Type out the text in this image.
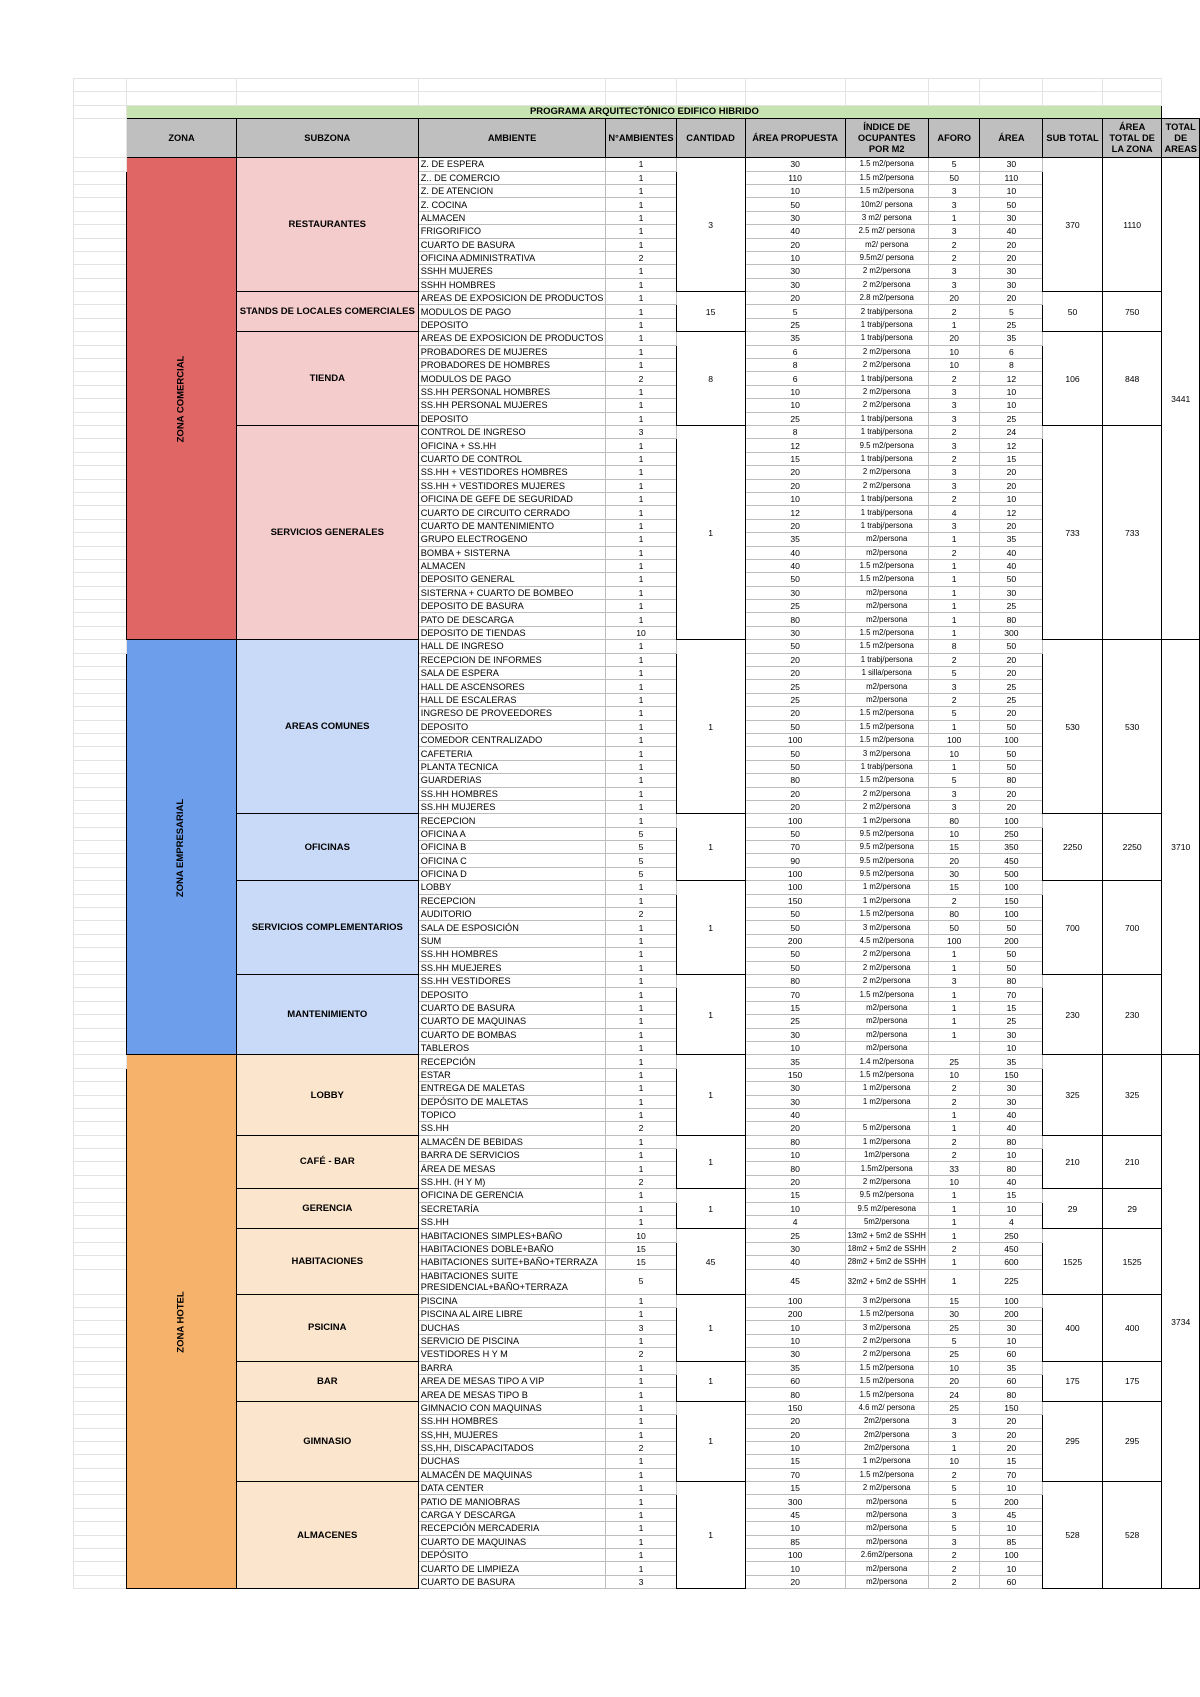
	PROGRAMA ARQUITECTÓNICO EDIFICO HIBRIDO											
	ZONA	SUBZONA	AMBIENTE	N°AMBIENTES	CANTIDAD	ÁREA PROPUESTA	ÍNDICE DE OCUPANTES POR M2	AFORO	ÁREA	SUB TOTAL	ÁREA TOTAL DE LA ZONA	TOTAL DE AREAS
	ZONA COMERCIAL	RESTAURANTES	Z. DE ESPERA	1	3	30	1.5 m2/persona	5	30	370	1110	3441
			Z.. DE COMERCIO	1		110	1.5 m2/persona	50	110			
			Z. DE ATENCION	1		10	1.5 m2/persona	3	10			
			Z. COCINA	1		50	10m2/ persona	3	50			
			ALMACEN	1		30	3 m2/ persona	1	30			
			FRIGORIFICO	1		40	2.5 m2/ persona	3	40			
			CUARTO DE BASURA	1		20	m2/ persona	2	20			
			OFICINA ADMINISTRATIVA	2		10	9.5m2/ persona	2	20			
			SSHH MUJERES	1		30	2 m2/persona	3	30			
			SSHH HOMBRES	1		30	2 m2/persona	3	30			
		STANDS DE LOCALES COMERCIALES	AREAS DE EXPOSICION DE PRODUCTOS	1	15	20	2.8 m2/persona	20	20	50	750	
			MODULOS DE PAGO	1		5	2 trabj/persona	2	5			
			DEPOSITO	1		25	1 trabj/persona	1	25			
		TIENDA	AREAS DE EXPOSICION DE PRODUCTOS	1	8	35	1 trabj/persona	20	35	106	848	
			PROBADORES DE MUJERES	1		6	2 m2/persona	10	6			
			PROBADORES DE HOMBRES	1		8	2 m2/persona	10	8			
			MODULOS DE PAGO	2		6	1 trabj/persona	2	12			
			SS.HH PERSONAL HOMBRES	1		10	2 m2/persona	3	10			
			SS.HH PERSONAL MUJERES	1		10	2 m2/persona	3	10			
			DEPOSITO	1		25	1 trabj/persona	3	25			
		SERVICIOS GENERALES	CONTROL DE INGRESO	3	1	8	1 trabj/persona	2	24	733	733	
			OFICINA + SS.HH	1		12	9.5 m2/persona	3	12			
			CUARTO DE CONTROL	1		15	1 trabj/persona	2	15			
			SS.HH + VESTIDORES HOMBRES	1		20	2 m2/persona	3	20			
			SS.HH + VESTIDORES MUJERES	1		20	2 m2/persona	3	20			
			OFICINA DE GEFE DE SEGURIDAD	1		10	1 trabj/persona	2	10			
			CUARTO DE CIRCUITO CERRADO	1		12	1 trabj/persona	4	12			
			CUARTO DE MANTENIMIENTO	1		20	1 trabj/persona	3	20			
			GRUPO ELECTROGENO	1		35	m2/persona	1	35			
			BOMBA + SISTERNA	1		40	m2/persona	2	40			
			ALMACEN	1		40	1.5 m2/persona	1	40			
			DEPOSITO GENERAL	1		50	1.5 m2/persona	1	50			
			SISTERNA + CUARTO DE BOMBEO	1		30	m2/persona	1	30			
			DEPOSITO DE BASURA	1		25	m2/persona	1	25			
			PATO DE DESCARGA	1		80	m2/persona	1	80			
			DEPOSITO DE TIENDAS	10		30	1.5 m2/persona	1	300			
	ZONA EMPRESARIAL	AREAS COMUNES	HALL DE INGRESO	1	1	50	1.5 m2/persona	8	50	530	530	3710
			RECEPCION DE INFORMES	1		20	1 trabj/persona	2	20			
			SALA DE ESPERA	1		20	1 silla/persona	5	20			
			HALL DE ASCENSORES	1		25	m2/persona	3	25			
			HALL DE ESCALERAS	1		25	m2/persona	2	25			
			INGRESO DE PROVEEDORES	1		20	1.5 m2/persona	5	20			
			DEPOSITO	1		50	1.5 m2/persona	1	50			
			COMEDOR CENTRALIZADO	1		100	1.5 m2/persona	100	100			
			CAFETERIA	1		50	3 m2/persona	10	50			
			PLANTA TECNICA	1		50	1 trabj/persona	1	50			
			GUARDERIAS	1		80	1.5 m2/persona	5	80			
			SS.HH HOMBRES	1		20	2 m2/persona	3	20			
			SS.HH MUJERES	1		20	2 m2/persona	3	20			
		OFICINAS	RECEPCION	1	1	100	1 m2/persona	80	100	2250	2250	
			OFICINA A	5		50	9.5 m2/persona	10	250			
			OFICINA B	5		70	9.5 m2/persona	15	350			
			OFICINA C	5		90	9.5 m2/persona	20	450			
			OFICINA D	5		100	9.5 m2/persona	30	500			
		SERVICIOS COMPLEMENTARIOS	LOBBY	1	1	100	1 m2/persona	15	100	700	700	
			RECEPCION	1		150	1 m2/persona	2	150			
			AUDITORIO	2		50	1.5 m2/persona	80	100			
			SALA DE ESPOSICIÓN	1		50	3 m2/persona	50	50			
			SUM	1		200	4.5 m2/persona	100	200			
			SS.HH HOMBRES	1		50	2 m2/persona	1	50			
			SS.HH MUEJERES	1		50	2 m2/persona	1	50			
		MANTENIMIENTO	SS.HH VESTIDORES	1	1	80	2 m2/persona	3	80	230	230	
			DEPOSITO	1		70	1.5 m2/persona	1	70			
			CUARTO DE BASURA	1		15	m2/persona	1	15			
			CUARTO DE MAQUINAS	1		25	m2/persona	1	25			
			CUARTO DE BOMBAS	1		30	m2/persona	1	30			
			TABLEROS	1		10	m2/persona		10			
	ZONA HOTEL	LOBBY	RECEPCIÓN	1	1	35	1.4 m2/persona	25	35	325	325	3734
			ESTAR	1		150	1.5 m2/persona	10	150			
			ENTREGA DE MALETAS	1		30	1 m2/persona	2	30			
			DEPÓSITO DE MALETAS	1		30	1 m2/persona	2	30			
			TOPICO	1		40		1	40			
			SS.HH	2		20	5 m2/persona	1	40			
		CAFÉ - BAR	ALMACÉN DE BEBIDAS	1	1	80	1 m2/persona	2	80	210	210	
			BARRA DE SERVICIOS	1		10	1m2/persona	2	10			
			ÁREA DE MESAS	1		80	1.5m2/persona	33	80			
			SS.HH. (H Y M)	2		20	2 m2/persona	10	40			
		GERENCIA	OFICINA DE GERENCIA	1	1	15	9.5 m2/persona	1	15	29	29	
			SECRETARÍA	1		10	9.5 m2/peresona	1	10			
			SS.HH	1		4	5m2/persona	1	4			
		HABITACIONES	HABITACIONES SIMPLES+BAÑO	10	45	25	13m2 + 5m2 de SSHH	1	250	1525	1525	
			HABITACIONES DOBLE+BAÑO	15		30	18m2 + 5m2 de SSHH	2	450			
			HABITACIONES SUITE+BAÑO+TERRAZA	15		40	28m2 + 5m2 de SSHH	1	600			
			HABITACIONES SUITE PRESIDENCIAL+BAÑO+TERRAZA	5		45	32m2 + 5m2 de SSHH	1	225			
		PSICINA	PISCINA	1	1	100	3 m2/persona	15	100	400	400	
			PISCINA AL AIRE LIBRE	1		200	1.5 m2/persona	30	200			
			DUCHAS	3		10	3 m2/persona	25	30			
			SERVICIO DE PISCINA	1		10	2 m2/persona	5	10			
			VESTIDORES H Y M	2		30	2 m2/persona	25	60			
		BAR	BARRA	1	1	35	1.5 m2/persona	10	35	175	175	
			AREA DE MESAS TIPO A VIP	1		60	1.5 m2/persona	20	60			
			AREA DE MESAS TIPO B	1		80	1.5 m2/persona	24	80			
		GIMNASIO	GIMNACIO CON MAQUINAS	1	1	150	4.6 m2/ persona	25	150	295	295	
			SS.HH HOMBRES	1		20	2m2/persona	3	20			
			SS,HH, MUJERES	1		20	2m2/persona	3	20			
			SS,HH, DISCAPACITADOS	2		10	2m2/persona	1	20			
			DUCHAS	1		15	1 m2/persona	10	15			
			ALMACÉN DE MAQUINAS	1		70	1.5 m2/persona	2	70			
		ALMACENES	DATA CENTER	1	1	15	2 m2/persona	5	10	528	528	
			PATIO DE MANIOBRAS	1		300	m2/persona	5	200			
			CARGA Y DESCARGA	1		45	m2/persona	3	45			
			RECEPCIÓN MERCADERIA	1		10	m2/persona	5	10			
			CUARTO DE MAQUINAS	1		85	m2/persona	3	85			
			DEPÓSITO	1		100	2.6m2/persona	2	100			
			CUARTO DE LIMPIEZA	1		10	m2/persona	2	10			
			CUARTO DE BASURA	3		20	m2/persona	2	60			
